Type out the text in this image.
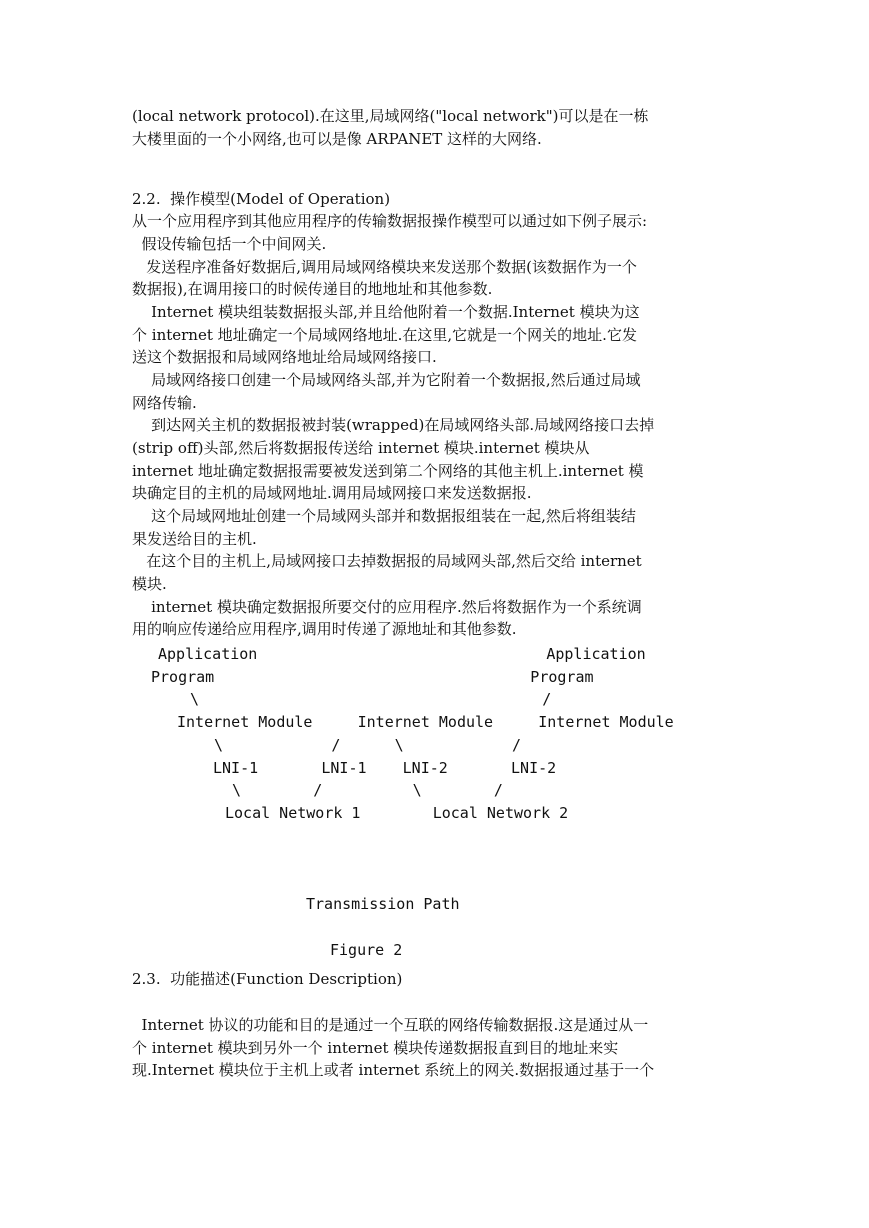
(local network protocol).在这里,局域网络("local network")可以是在一栋
大楼里面的一个小网络,也可以是像 ARPANET 这样的大网络.
2.2.  操作模型(Model of Operation)
从一个应用程序到其他应用程序的传输数据报操作模型可以通过如下例子展示:
假设传输包括一个中间网关.
发送程序准备好数据后,调用局域网络模块来发送那个数据(该数据作为一个
数据报),在调用接口的时候传递目的地地址和其他参数.
Internet 模块组装数据报头部,并且给他附着一个数据.Internet 模块为这
个 internet 地址确定一个局域网络地址.在这里,它就是一个网关的地址.它发
送这个数据报和局域网络地址给局域网络接口.
局域网络接口创建一个局域网络头部,并为它附着一个数据报,然后通过局域
网络传输.
到达网关主机的数据报被封装(wrapped)在局域网络头部.局域网络接口去掉
(strip off)头部,然后将数据报传送给 internet 模块.internet 模块从
internet 地址确定数据报需要被发送到第二个网络的其他主机上.internet 模
块确定目的主机的局域网地址.调用局域网接口来发送数据报.
这个局域网地址创建一个局域网头部并和数据报组装在一起,然后将组装结
果发送给目的主机.
在这个目的主机上,局域网接口去掉数据报的局域网头部,然后交给 internet
模块.
internet 模块确定数据报所要交付的应用程序.然后将数据作为一个系统调
用的响应传递给应用程序,调用时传递了源地址和其他参数.
Application                                Application
Program                                   Program
\                                      /
Internet Module     Internet Module     Internet Module
\            /      \            /
LNI-1       LNI-1    LNI-2       LNI-2
\        /          \        /
Local Network 1        Local Network 2
Transmission Path
Figure 2
2.3.  功能描述(Function Description)
Internet 协议的功能和目的是通过一个互联的网络传输数据报.这是通过从一
个 internet 模块到另外一个 internet 模块传递数据报直到目的地址来实
现.Internet 模块位于主机上或者 internet 系统上的网关.数据报通过基于一个
